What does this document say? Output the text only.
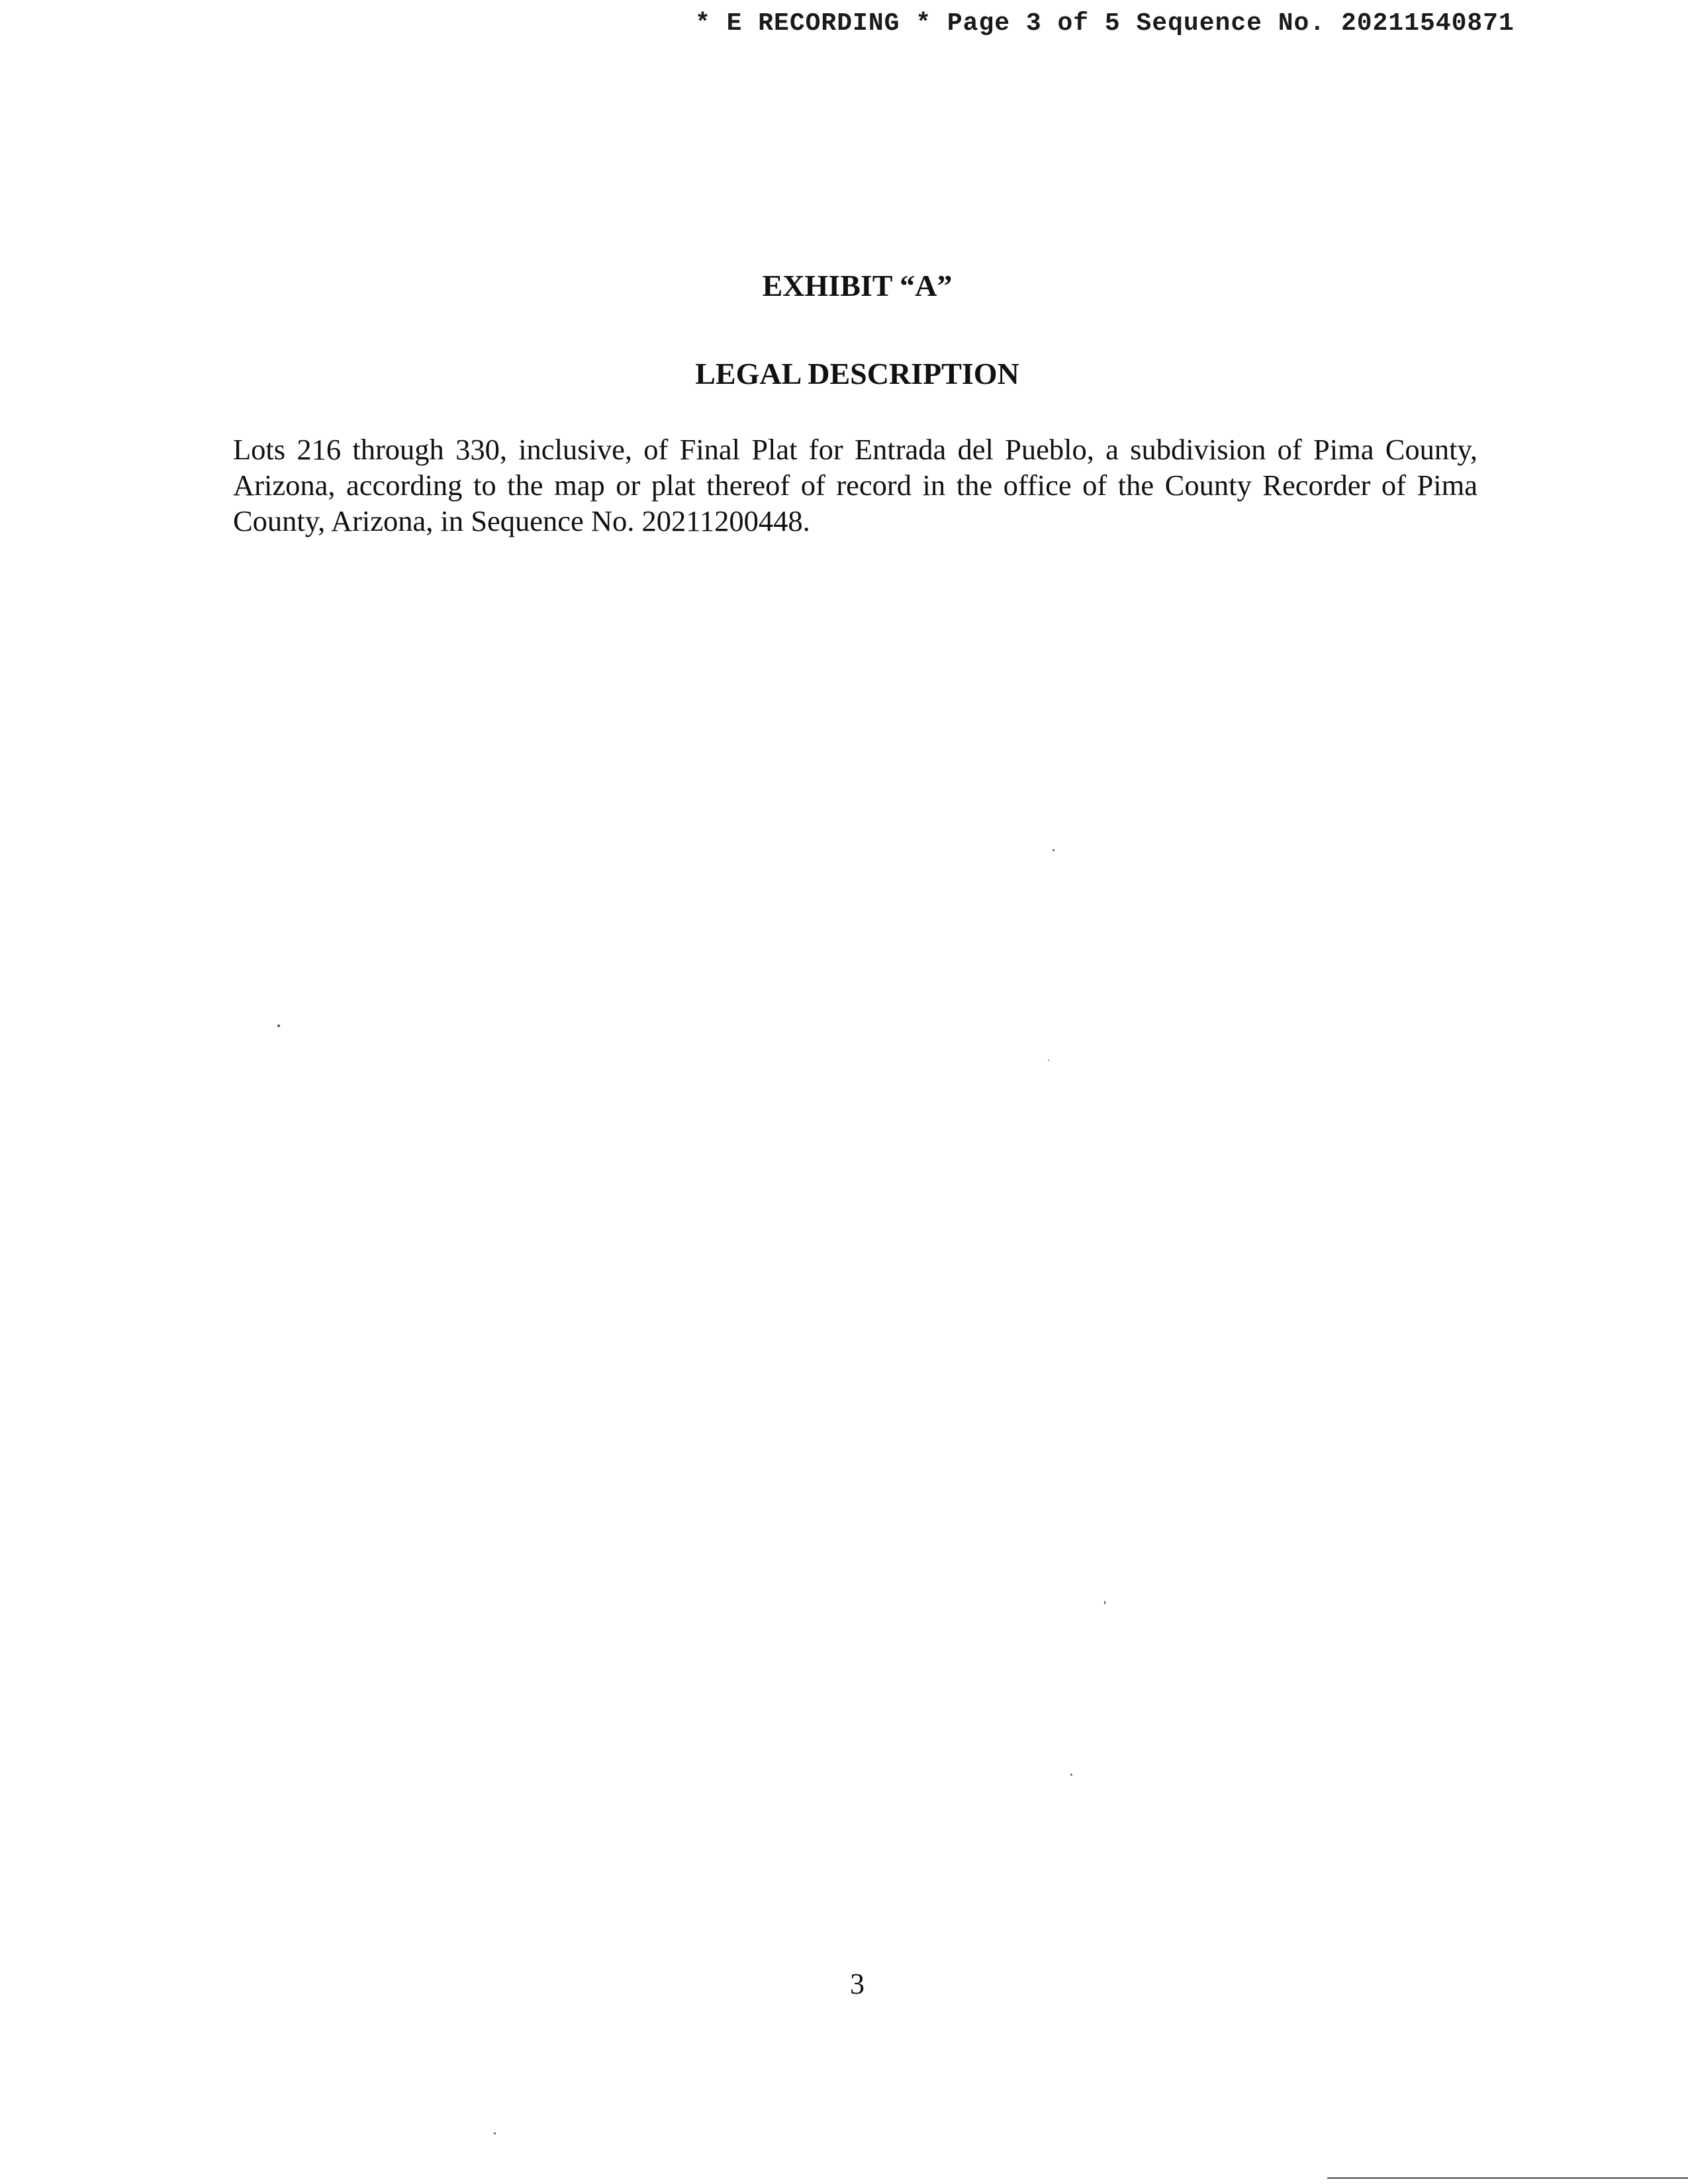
* E RECORDING * Page 3 of 5 Sequence No. 20211540871
EXHIBIT “A”
LEGAL DESCRIPTION

Lots 216 through 330, inclusive, of Final Plat for Entrada del Pueblo, a subdivision of Pima County, Arizona, according to the map or plat thereof of record in the office of the County Recorder of Pima County, Arizona, in Sequence No. 20211200448.

3
